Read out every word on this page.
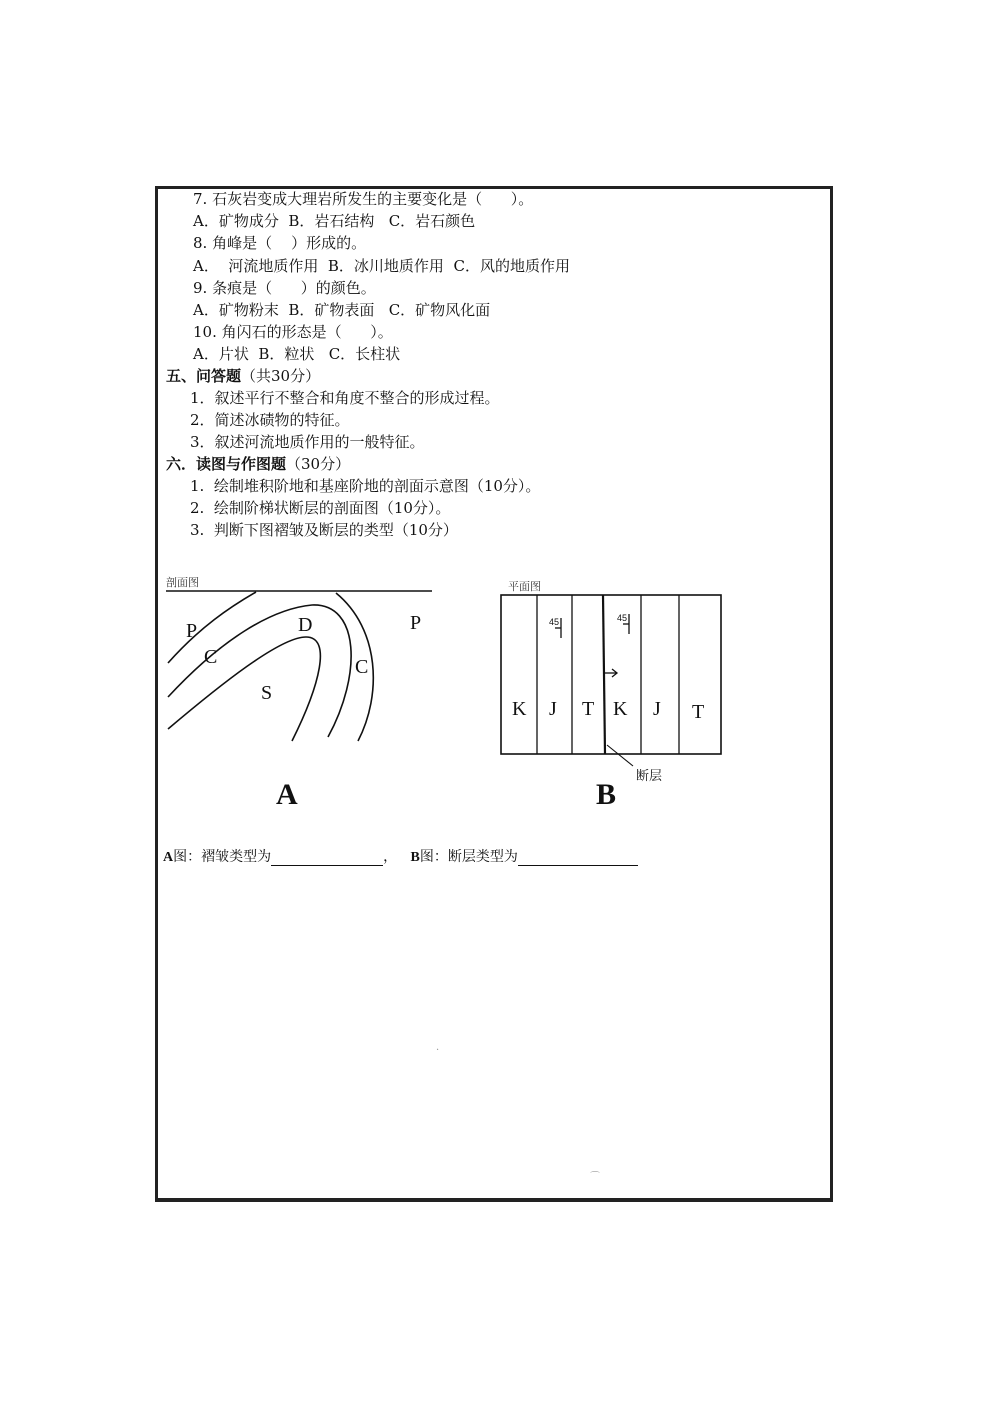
7. 石灰岩变成大理岩所发生的主要变化是（      ）。
A．矿物成分  B．岩石结构   C．岩石颜色
8. 角峰是（    ）形成的。
A．  河流地质作用  B．冰川地质作用  C．风的地质作用
9. 条痕是（      ）的颜色。
A．矿物粉末  B．矿物表面   C．矿物风化面
10. 角闪石的形态是（      ）。
A．片状  B．粒状   C．长柱状
五、问答题（共30分）
1．叙述平行不整合和角度不整合的形成过程。
2．简述冰碛物的特征。
3．叙述河流地质作用的一般特征。
六．读图与作图题（30分）
1.  绘制堆积阶地和基座阶地的剖面示意图（10分）。
2.  绘制阶梯状断层的剖面图（10分）。
3.  判断下图褶皱及断层的类型（10分）
剖面图
P
C
D	P
C
S
A
平面图
45	45
K J T K J T
断层
B
A图：褶皱类型为	， B图：断层类型为
·
⌒
